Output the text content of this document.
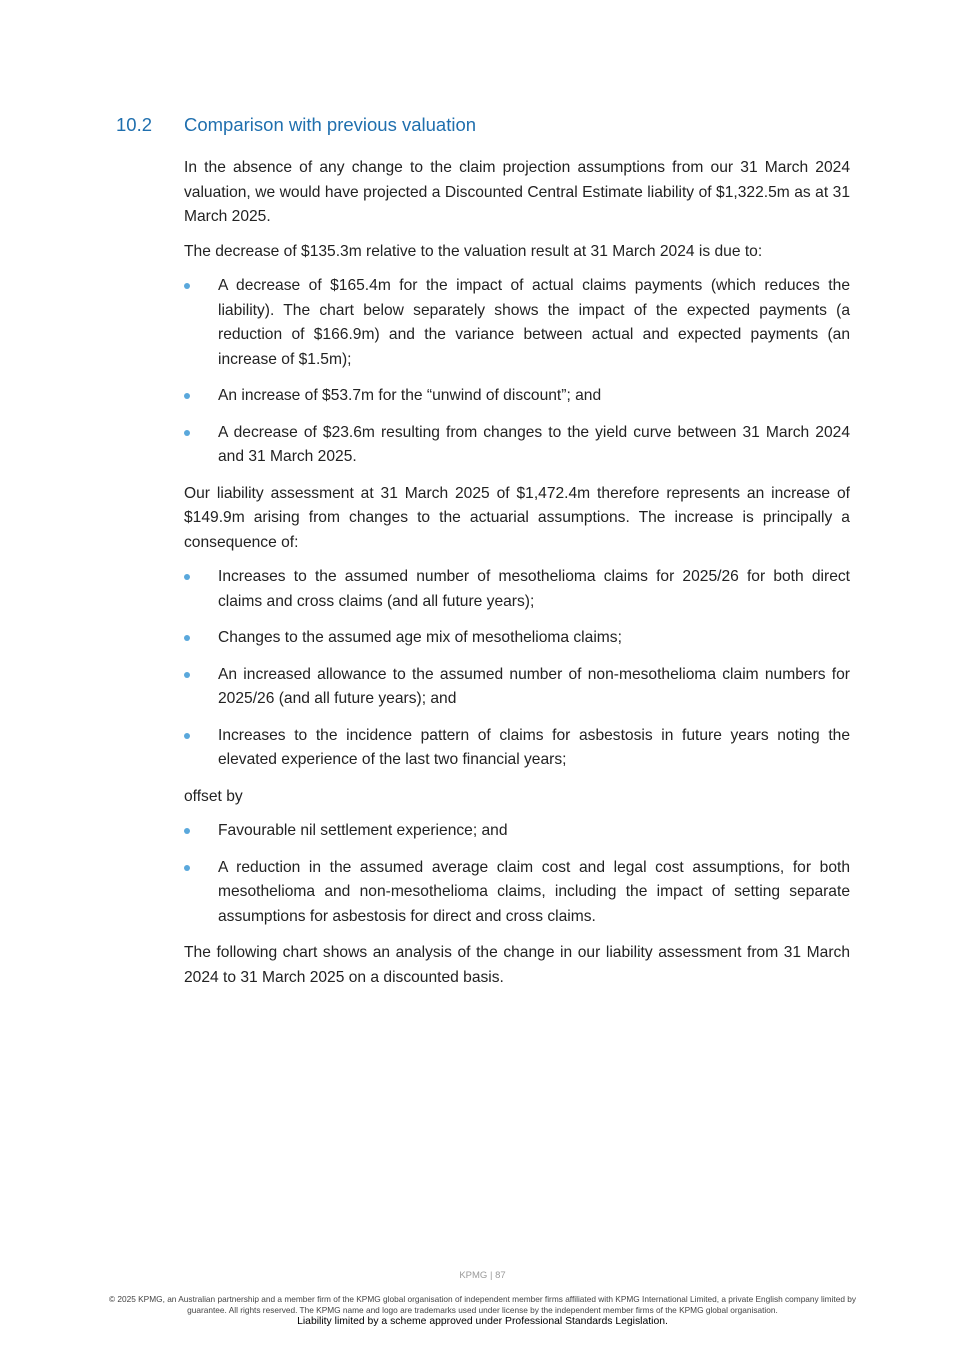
10.2	Comparison with previous valuation

In the absence of any change to the claim projection assumptions from our 31 March 2024 valuation, we would have projected a Discounted Central Estimate liability of $1,322.5m as at 31 March 2025.

The decrease of $135.3m relative to the valuation result at 31 March 2024 is due to:

A decrease of $165.4m for the impact of actual claims payments (which reduces the liability). The chart below separately shows the impact of the expected payments (a reduction of $166.9m) and the variance between actual and expected payments (an increase of $1.5m);
An increase of $53.7m for the “unwind of discount”; and
A decrease of $23.6m resulting from changes to the yield curve between 31 March 2024 and 31 March 2025.

Our liability assessment at 31 March 2025 of $1,472.4m therefore represents an increase of $149.9m arising from changes to the actuarial assumptions. The increase is principally a consequence of:

Increases to the assumed number of mesothelioma claims for 2025/26 for both direct claims and cross claims (and all future years);
Changes to the assumed age mix of mesothelioma claims;
An increased allowance to the assumed number of non-mesothelioma claim numbers for 2025/26 (and all future years); and
Increases to the incidence pattern of claims for asbestosis in future years noting the elevated experience of the last two financial years;

offset by

Favourable nil settlement experience; and
A reduction in the assumed average claim cost and legal cost assumptions, for both mesothelioma and non-mesothelioma claims, including the impact of setting separate assumptions for asbestosis for direct and cross claims.

The following chart shows an analysis of the change in our liability assessment from 31 March 2024 to 31 March 2025 on a discounted basis.

KPMG | 87
© 2025 KPMG, an Australian partnership and a member firm of the KPMG global organisation of independent member firms affiliated with KPMG International Limited, a private English company limited by guarantee. All rights reserved. The KPMG name and logo are trademarks used under license by the independent member firms of the KPMG global organisation.
Liability limited by a scheme approved under Professional Standards Legislation.
